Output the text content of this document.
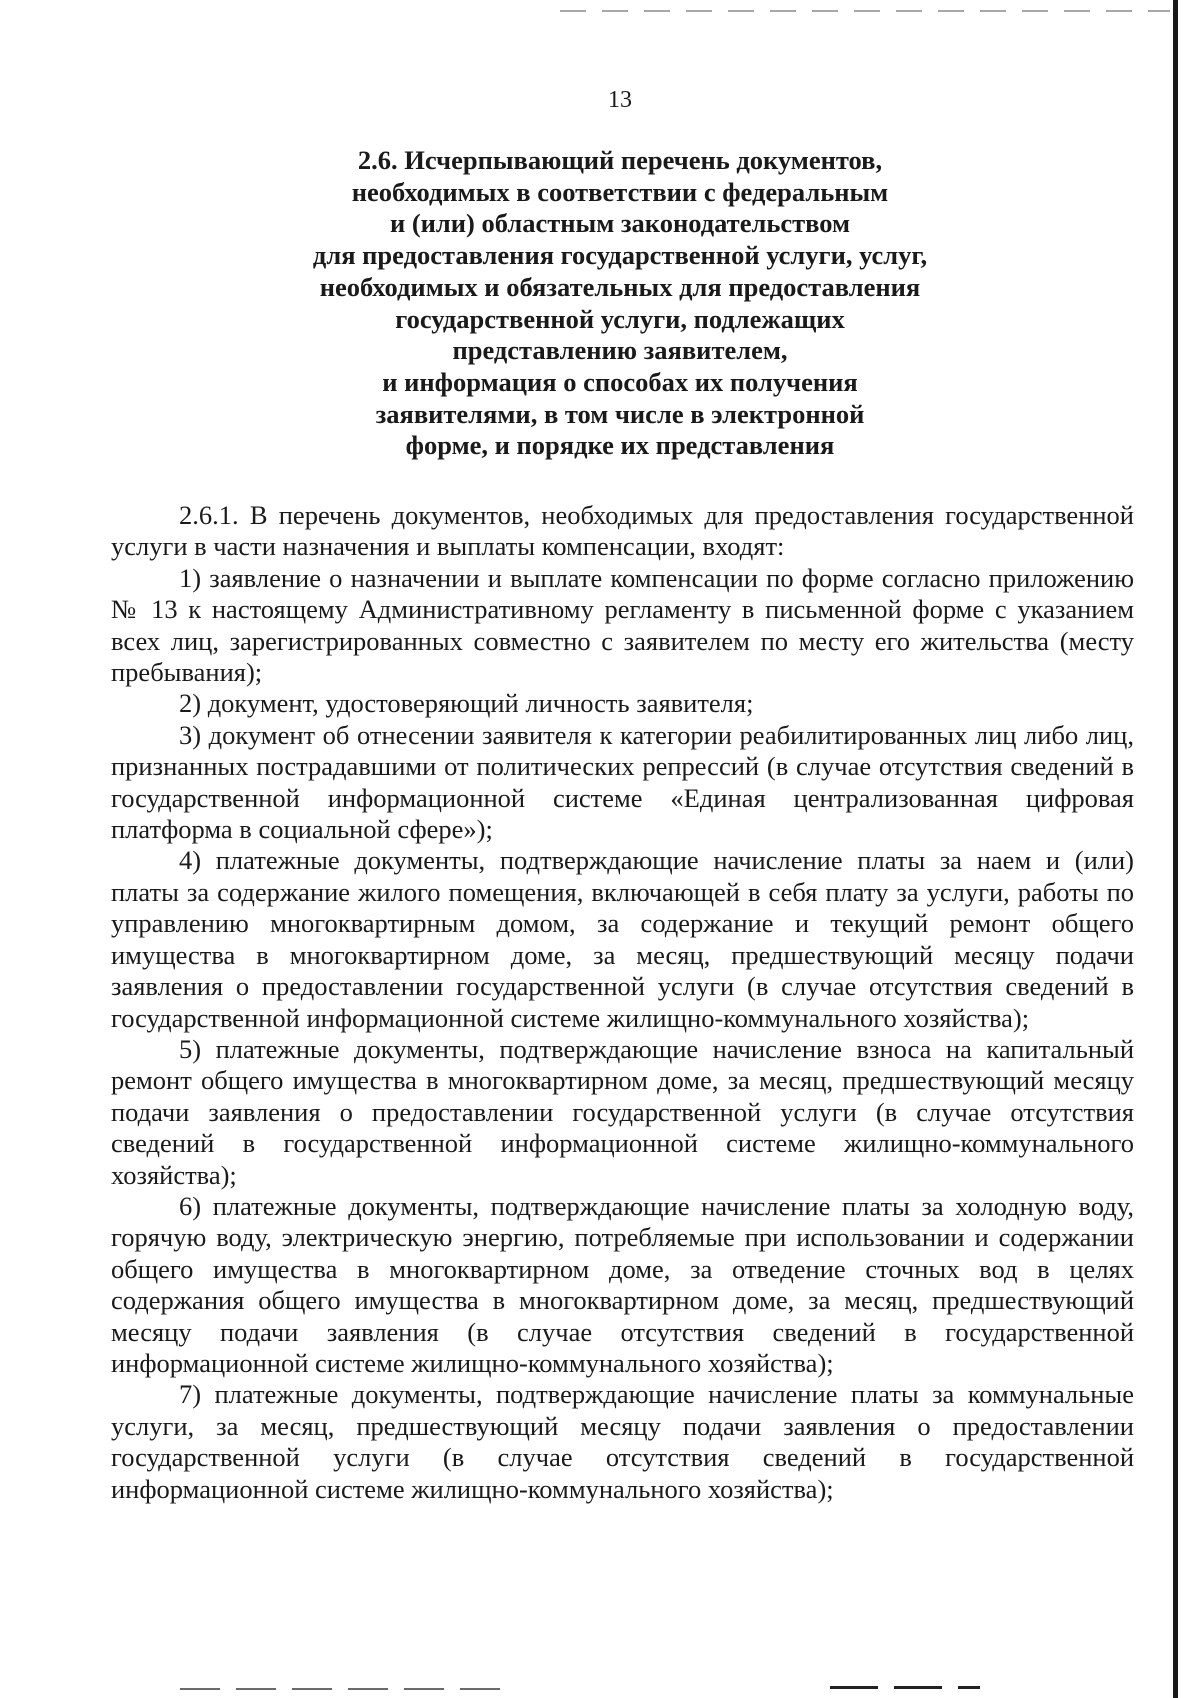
13
2.6. Исчерпывающий перечень документов,
необходимых в соответствии с федеральным
и (или) областным законодательством
для предоставления государственной услуги, услуг,
необходимых и обязательных для предоставления
государственной услуги, подлежащих
представлению заявителем,
и информация о способах их получения
заявителями, в том числе в электронной
форме, и порядке их представления

2.6.1. В перечень документов, необходимых для предоставления государственной услуги в части назначения и выплаты компенсации, входят:

1) заявление о назначении и выплате компенсации по форме согласно приложению № 13 к настоящему Административному регламенту в письменной форме с указанием всех лиц, зарегистрированных совместно с заявителем по месту его жительства (месту пребывания);

2) документ, удостоверяющий личность заявителя;

3) документ об отнесении заявителя к категории реабилитированных лиц либо лиц, признанных пострадавшими от политических репрессий (в случае отсутствия сведений в государственной информационной системе «Единая централизованная цифровая платформа в социальной сфере»);

4) платежные документы, подтверждающие начисление платы за наем и (или) платы за содержание жилого помещения, включающей в себя плату за услуги, работы по управлению многоквартирным домом, за содержание и текущий ремонт общего имущества в многоквартирном доме, за месяц, предшествующий месяцу подачи заявления о предоставлении государственной услуги (в случае отсутствия сведений в государственной информационной системе жилищно-коммунального хозяйства);

5) платежные документы, подтверждающие начисление взноса на капитальный ремонт общего имущества в многоквартирном доме, за месяц, предшествующий месяцу подачи заявления о предоставлении государственной услуги (в случае отсутствия сведений в государственной информационной системе жилищно-коммунального хозяйства);

6) платежные документы, подтверждающие начисление платы за холодную воду, горячую воду, электрическую энергию, потребляемые при использовании и содержании общего имущества в многоквартирном доме, за отведение сточных вод в целях содержания общего имущества в многоквартирном доме, за месяц, предшествующий месяцу подачи заявления (в случае отсутствия сведений в государственной информационной системе жилищно-коммунального хозяйства);

7) платежные документы, подтверждающие начисление платы за коммунальные услуги, за месяц, предшествующий месяцу подачи заявления о предоставлении государственной услуги (в случае отсутствия сведений в государственной информационной системе жилищно-коммунального хозяйства);
